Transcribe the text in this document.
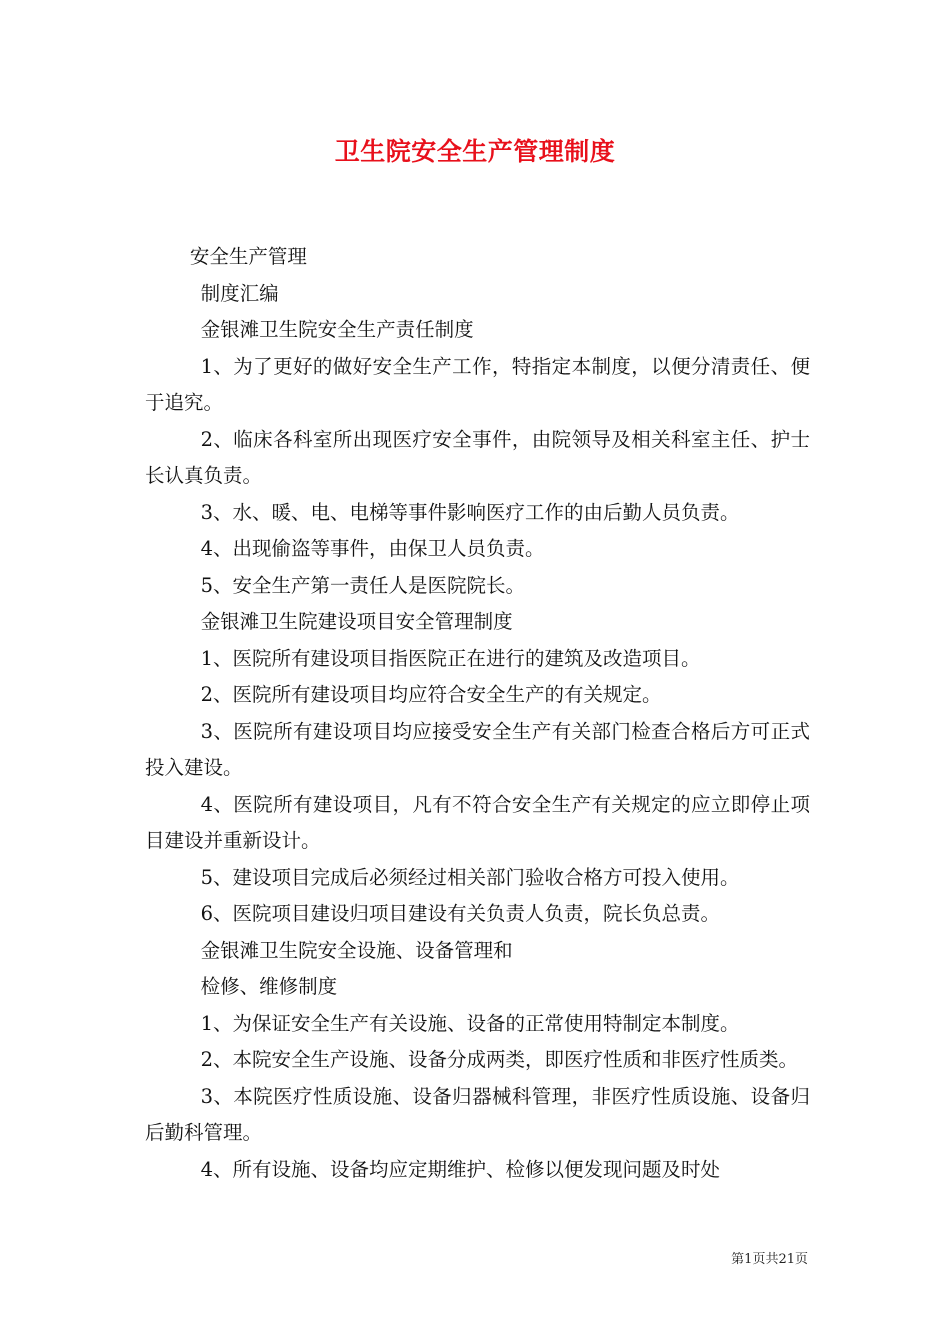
卫生院安全生产管理制度

安全生产管理

制度汇编

金银滩卫生院安全生产责任制度

1、为了更好的做好安全生产工作，特指定本制度，以便分清责任、便于追究。

2、临床各科室所出现医疗安全事件，由院领导及相关科室主任、护士长认真负责。

3、水、暖、电、电梯等事件影响医疗工作的由后勤人员负责。

4、出现偷盗等事件，由保卫人员负责。

5、安全生产第一责任人是医院院长。

金银滩卫生院建设项目安全管理制度

1、医院所有建设项目指医院正在进行的建筑及改造项目。

2、医院所有建设项目均应符合安全生产的有关规定。

3、医院所有建设项目均应接受安全生产有关部门检查合格后方可正式投入建设。

4、医院所有建设项目，凡有不符合安全生产有关规定的应立即停止项目建设并重新设计。

5、建设项目完成后必须经过相关部门验收合格方可投入使用。

6、医院项目建设归项目建设有关负责人负责，院长负总责。

金银滩卫生院安全设施、设备管理和

检修、维修制度

1、为保证安全生产有关设施、设备的正常使用特制定本制度。

2、本院安全生产设施、设备分成两类，即医疗性质和非医疗性质类。

3、本院医疗性质设施、设备归器械科管理，非医疗性质设施、设备归后勤科管理。

4、所有设施、设备均应定期维护、检修以便发现问题及时处

第1页共21页
